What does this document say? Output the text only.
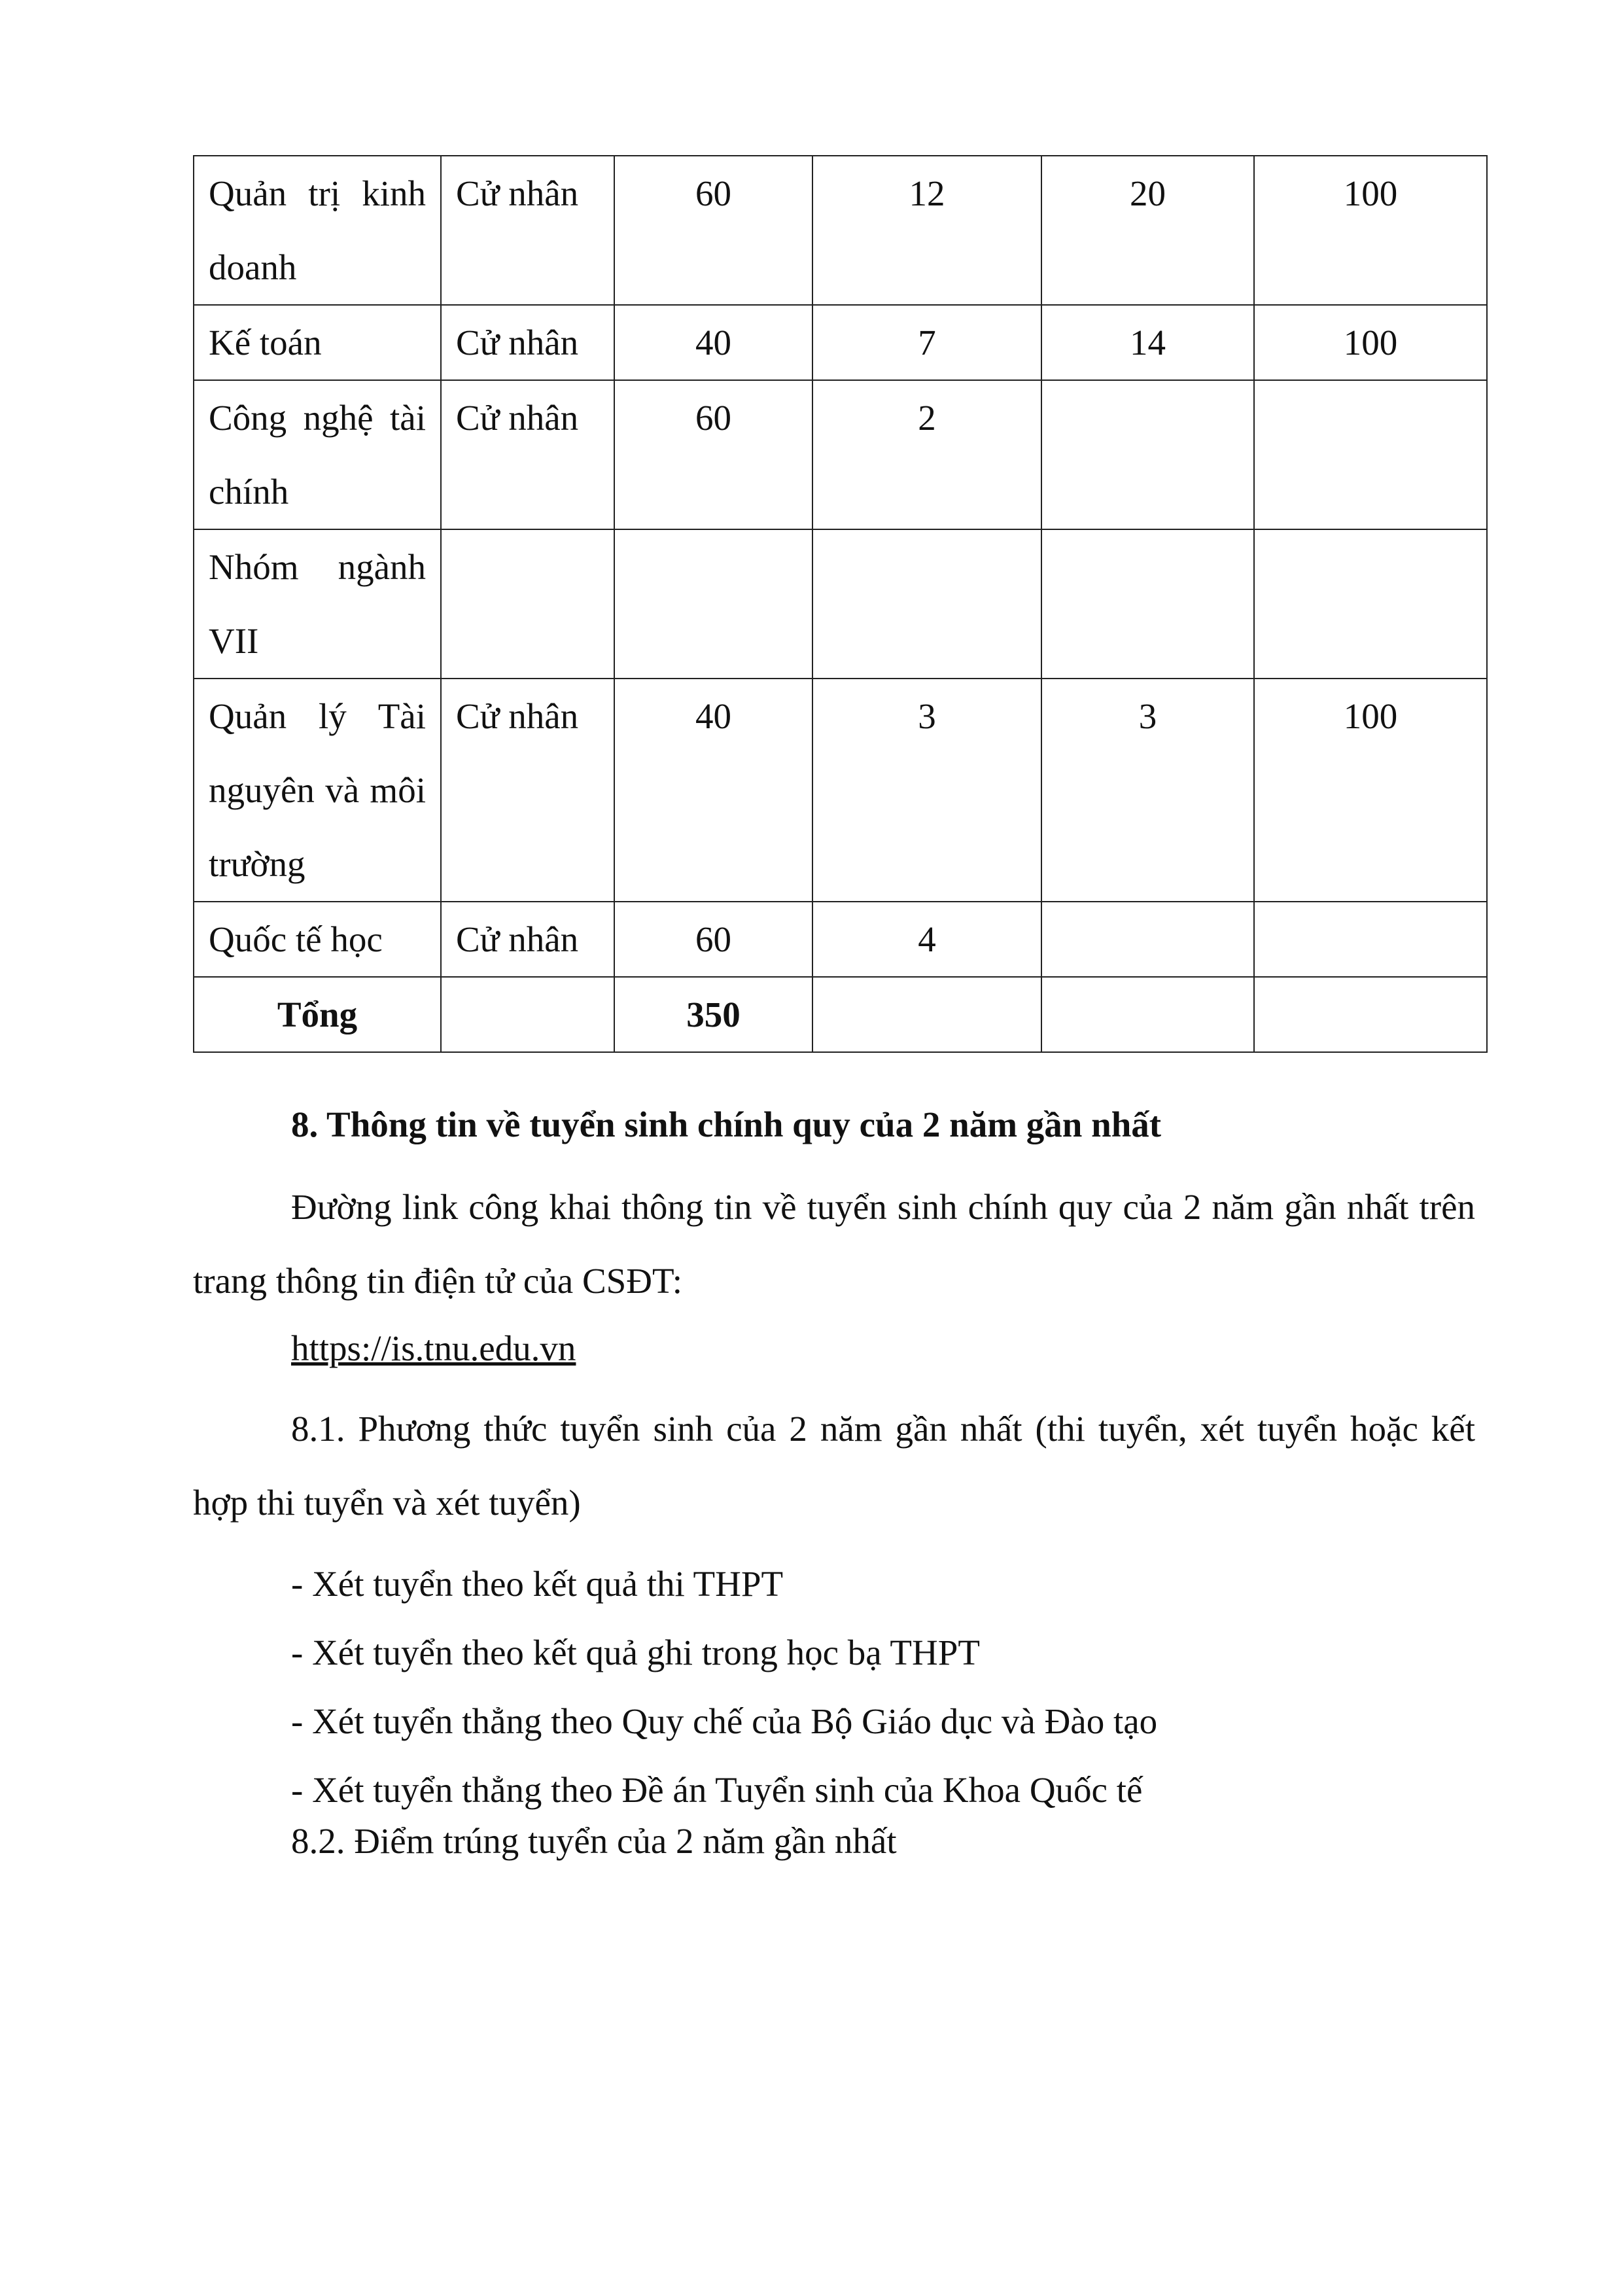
Quản trị kinh doanh	Cử nhân	60	12	20	100
Kế toán	Cử nhân	40	7	14	100
Công nghệ tài chính	Cử nhân	60	2		
Nhóm ngành VII					
Quản lý Tài nguyên và môi trường	Cử nhân	40	3	3	100
Quốc tế học	Cử nhân	60	4		
Tổng		350			
8. Thông tin về tuyển sinh chính quy của 2 năm gần nhất

Đường link công khai thông tin về tuyển sinh chính quy của 2 năm gần nhất trên trang thông tin điện tử của CSĐT:

https://is.tnu.edu.vn

8.1. Phương thức tuyển sinh của 2 năm gần nhất (thi tuyển, xét tuyển hoặc kết hợp thi tuyển và xét tuyển)

- Xét tuyển theo kết quả thi THPT
- Xét tuyển theo kết quả ghi trong học bạ THPT
- Xét tuyển thẳng theo Quy chế của Bộ Giáo dục và Đào tạo
- Xét tuyển thẳng theo Đề án Tuyển sinh của Khoa Quốc tế
8.2. Điểm trúng tuyển của 2 năm gần nhất
